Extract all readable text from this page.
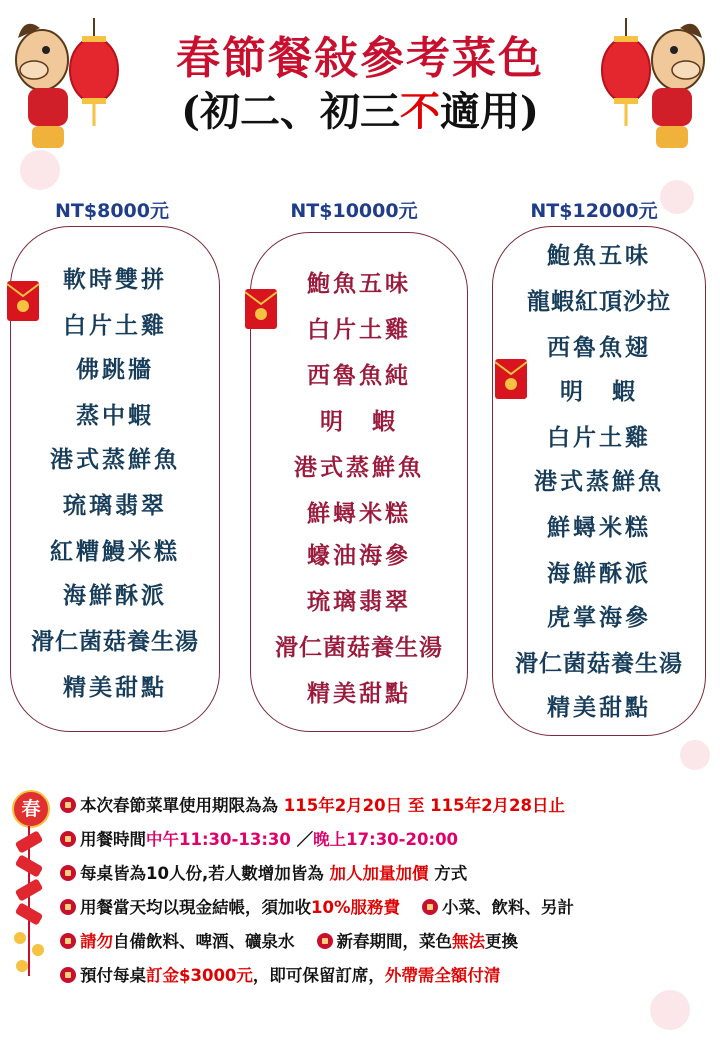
春節餐敍參考菜色
(初二、初三不適用)
NT$8000元	NT$10000元	NT$12000元
軟時雙拼
白片土雞
佛跳牆
蒸中蝦
港式蒸鮮魚
琉璃翡翠
紅糟鰻米糕
海鮮酥派
滑仁菌菇養生湯
精美甜點
鮑魚五味
白片土雞
西魯魚純
明　蝦
港式蒸鮮魚
鮮蟳米糕
蠔油海參
琉璃翡翠
滑仁菌菇養生湯
精美甜點
鮑魚五味
龍蝦紅頂沙拉
西魯魚翅
明　蝦
白片土雞
港式蒸鮮魚
鮮蟳米糕
海鮮酥派
虎掌海參
滑仁菌菇養生湯
精美甜點
春	本次春節菜單使用期限為為 115年2月20日 至 115年2月28日止
用餐時間中午11:30-13:30 ／晚上17:30-20:00
每桌皆為10人份,若人數增加皆為 加人加量加價 方式
用餐當天均以現金結帳，須加收10%服務費	小菜、飲料、另計
請勿自備飲料、啤酒、礦泉水	新春期間，菜色無法更換
預付每桌訂金$3000元，即可保留訂席，外帶需全額付清
